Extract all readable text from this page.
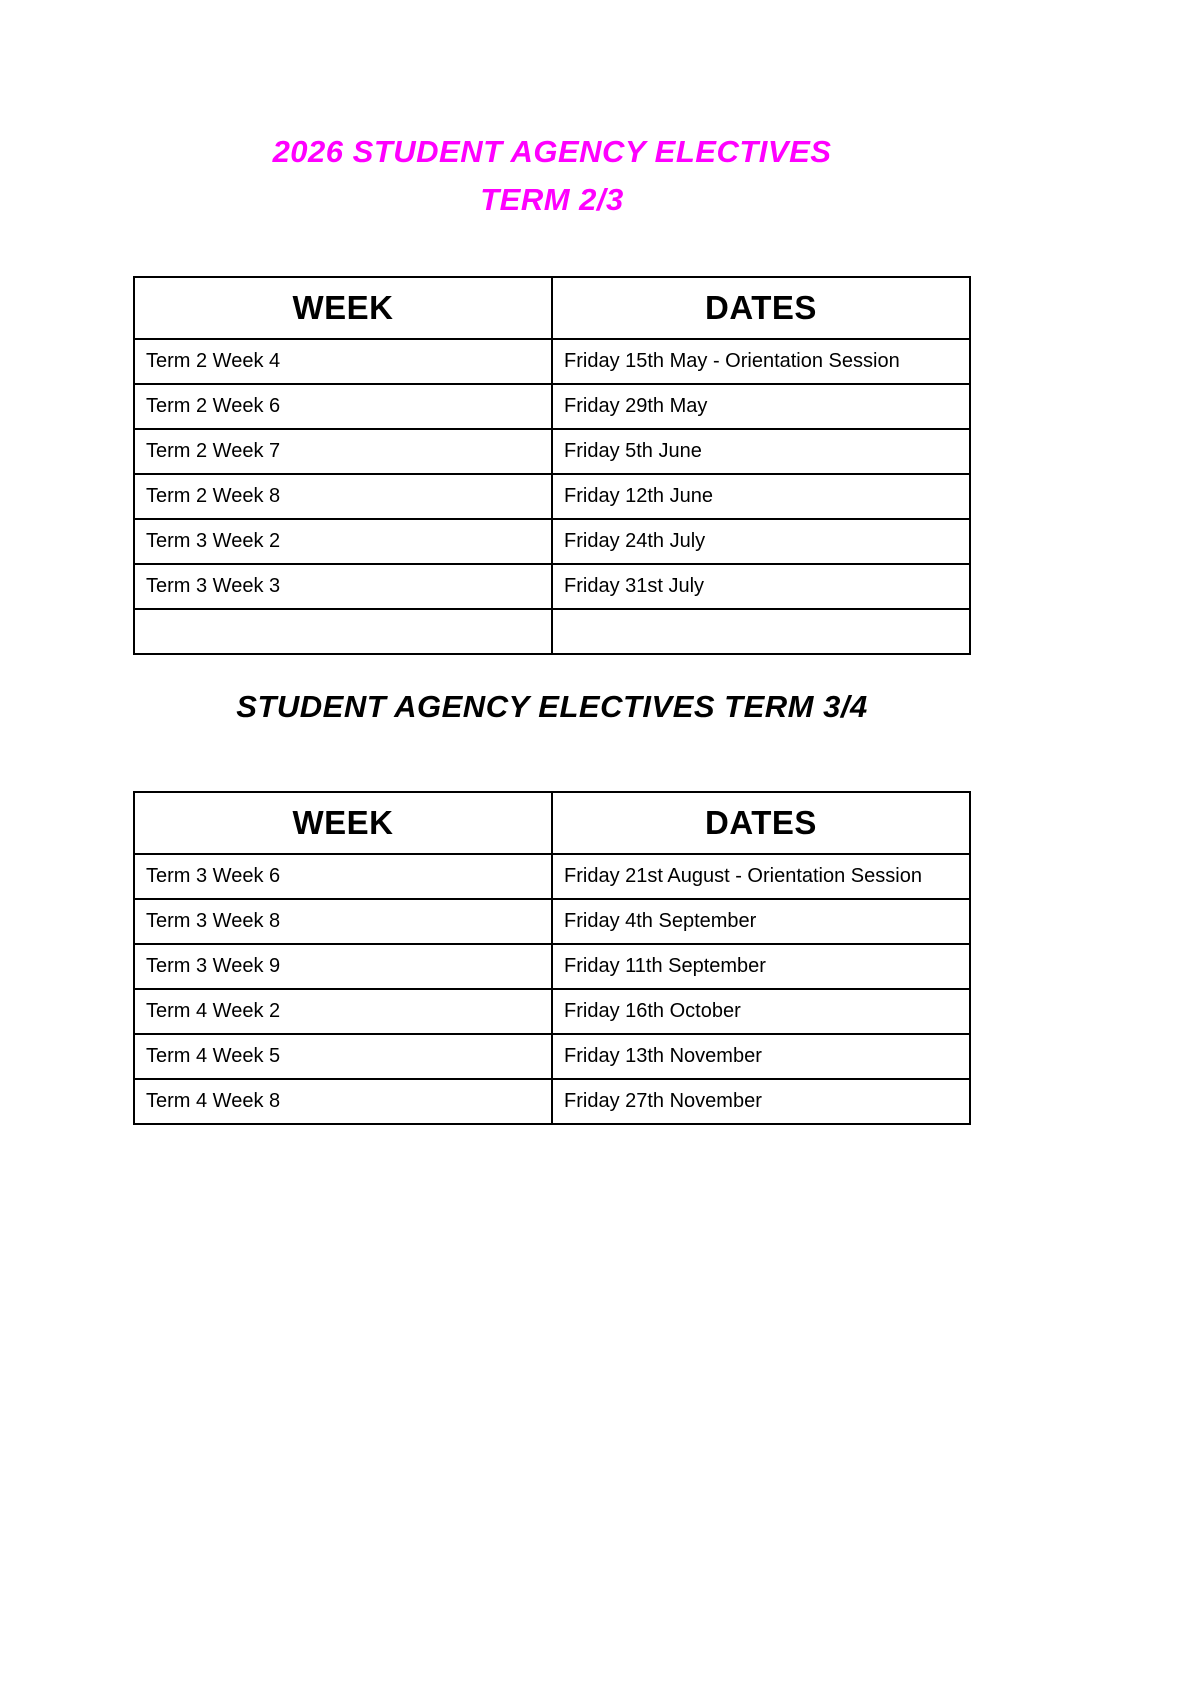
2026 STUDENT AGENCY ELECTIVES
TERM 2/3
WEEK	DATES
Term 2 Week 4	Friday 15th May - Orientation Session
Term 2 Week 6	Friday 29th May
Term 2 Week 7	Friday 5th June
Term 2 Week 8	Friday 12th June
Term 3 Week 2	Friday 24th July
Term 3 Week 3	Friday 31st July

STUDENT AGENCY ELECTIVES TERM 3/4
WEEK	DATES
Term 3 Week 6	Friday 21st August - Orientation Session
Term 3 Week 8	Friday 4th September
Term 3 Week 9	Friday 11th September
Term 4 Week 2	Friday 16th October
Term 4 Week 5	Friday 13th November
Term 4 Week 8	Friday 27th November
